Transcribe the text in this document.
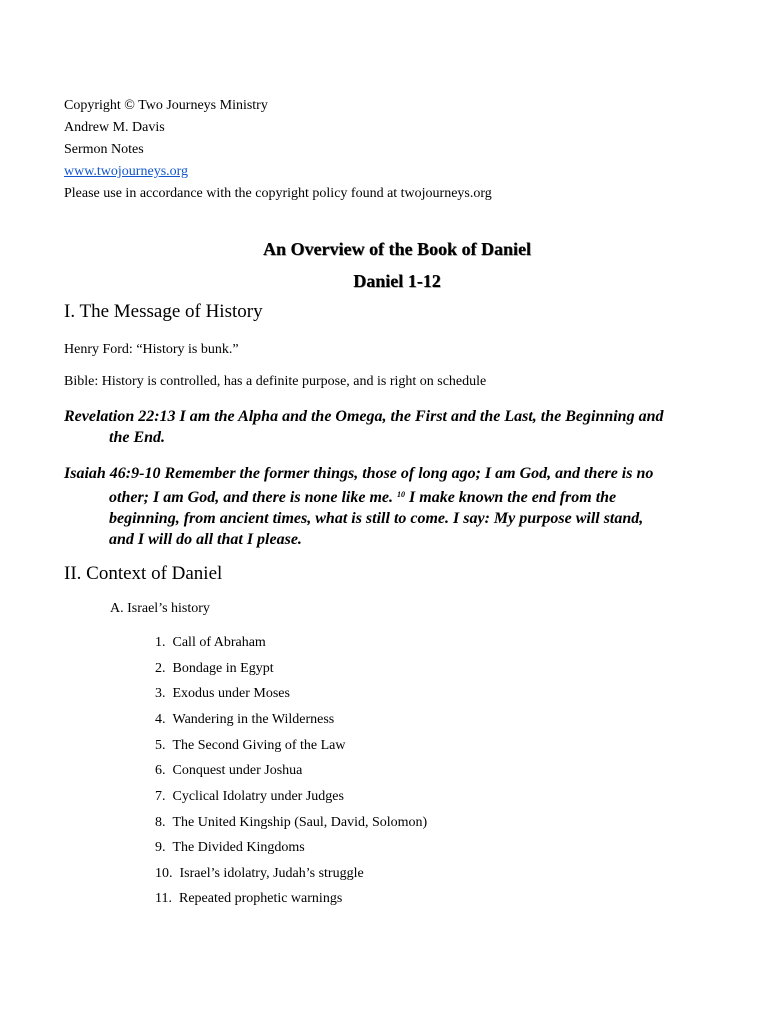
Copyright © Two Journeys Ministry
Andrew M. Davis
Sermon Notes
www.twojourneys.org
Please use in accordance with the copyright policy found at twojourneys.org
An Overview of the Book of Daniel
Daniel 1-12
I. The Message of History
Henry Ford: “History is bunk.”
Bible: History is controlled, has a definite purpose, and is right on schedule
Revelation 22:13 I am the Alpha and the Omega, the First and the Last, the Beginning and
the End.
Isaiah 46:9-10 Remember the former things, those of long ago; I am God, and there is no
other; I am God, and there is none like me. $^{10}$ I make known the end from the
beginning, from ancient times, what is still to come. I say: My purpose will stand,
and I will do all that I please.
II. Context of Daniel
A. Israel’s history
1. Call of Abraham
2. Bondage in Egypt
3. Exodus under Moses
4. Wandering in the Wilderness
5. The Second Giving of the Law
6. Conquest under Joshua
7. Cyclical Idolatry under Judges
8. The United Kingship (Saul, David, Solomon)
9. The Divided Kingdoms
10. Israel’s idolatry, Judah’s struggle
11. Repeated prophetic warnings
